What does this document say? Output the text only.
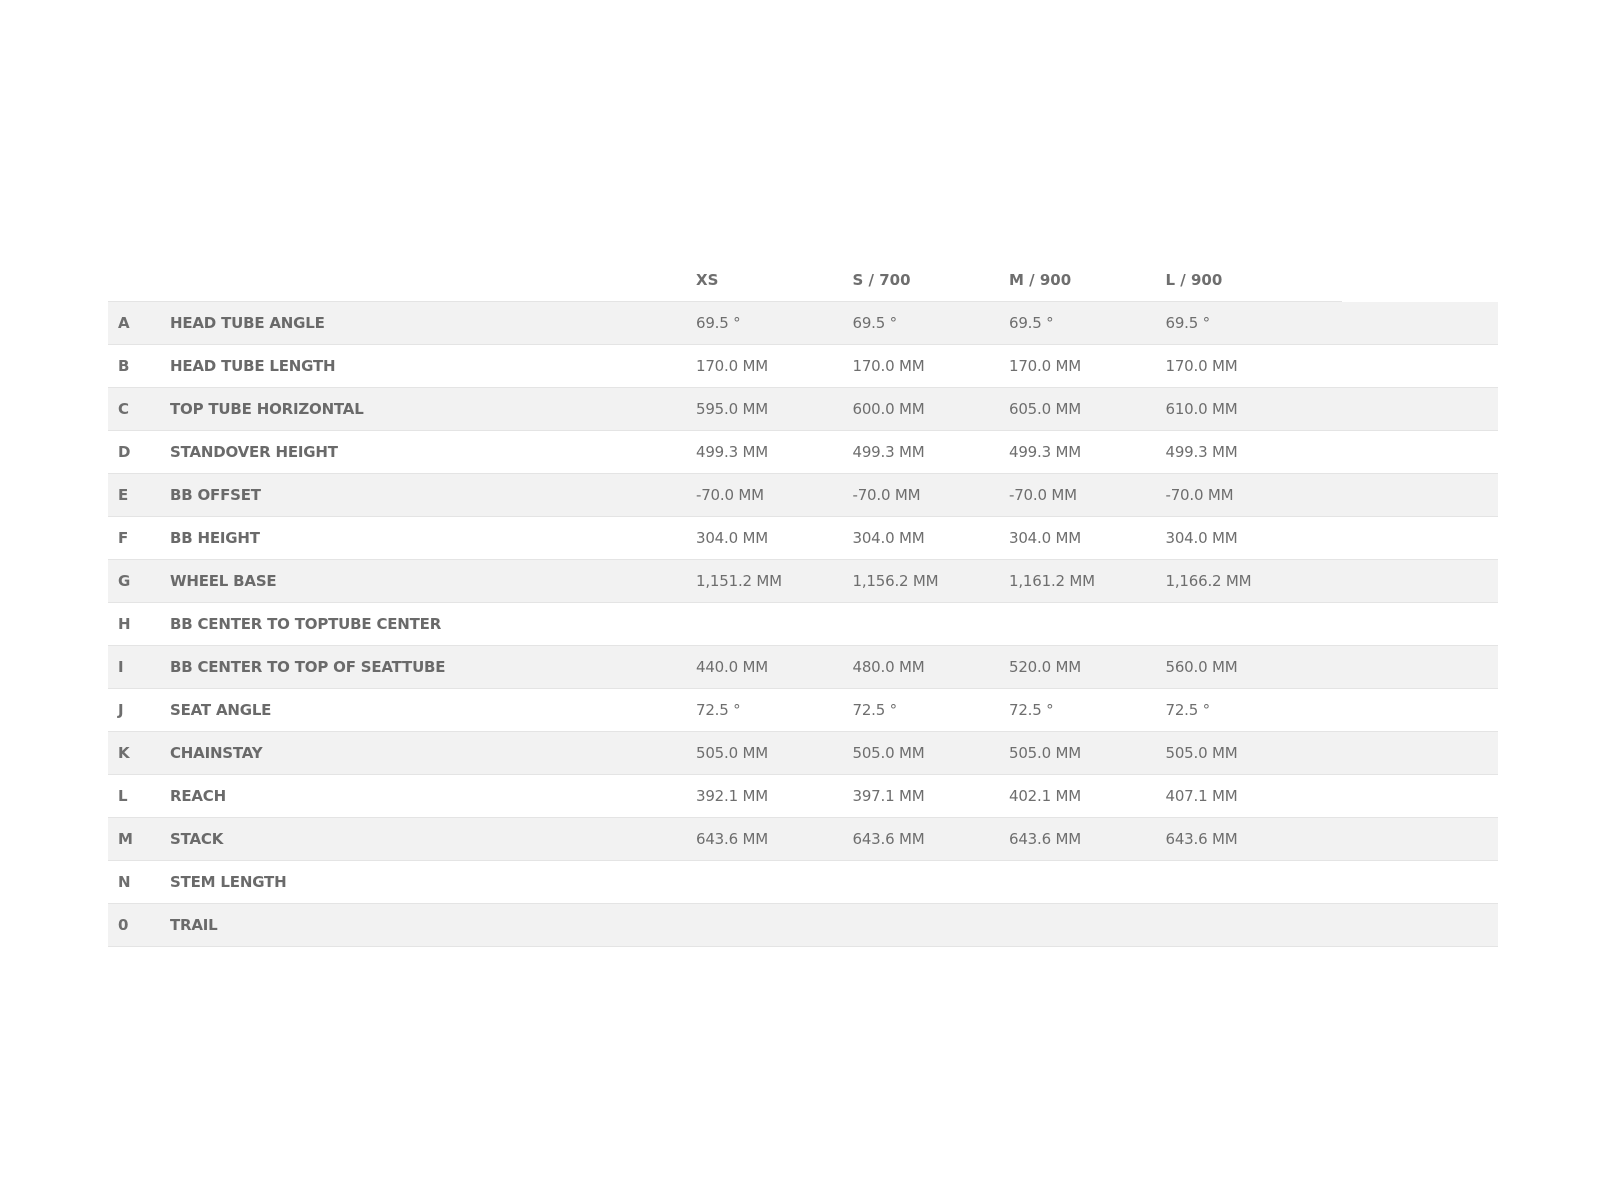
		XS	S / 700	M / 900	L / 900	
A	HEAD TUBE ANGLE	69.5 °	69.5 °	69.5 °	69.5 °	
B	HEAD TUBE LENGTH	170.0 MM	170.0 MM	170.0 MM	170.0 MM	
C	TOP TUBE HORIZONTAL	595.0 MM	600.0 MM	605.0 MM	610.0 MM	
D	STANDOVER HEIGHT	499.3 MM	499.3 MM	499.3 MM	499.3 MM	
E	BB OFFSET	-70.0 MM	-70.0 MM	-70.0 MM	-70.0 MM	
F	BB HEIGHT	304.0 MM	304.0 MM	304.0 MM	304.0 MM	
G	WHEEL BASE	1,151.2 MM	1,156.2 MM	1,161.2 MM	1,166.2 MM	
H	BB CENTER TO TOPTUBE CENTER					
I	BB CENTER TO TOP OF SEATTUBE	440.0 MM	480.0 MM	520.0 MM	560.0 MM	
J	SEAT ANGLE	72.5 °	72.5 °	72.5 °	72.5 °	
K	CHAINSTAY	505.0 MM	505.0 MM	505.0 MM	505.0 MM	
L	REACH	392.1 MM	397.1 MM	402.1 MM	407.1 MM	
M	STACK	643.6 MM	643.6 MM	643.6 MM	643.6 MM	
N	STEM LENGTH					
0	TRAIL					
